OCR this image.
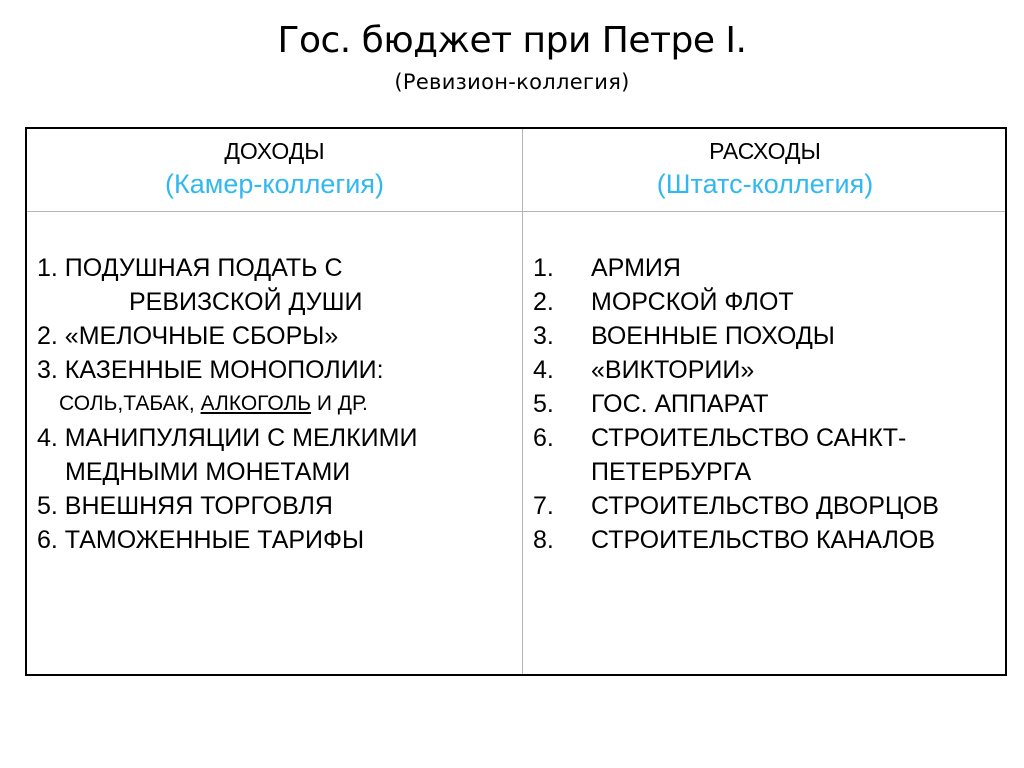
Гос. бюджет при Петре I.
(Ревизион-коллегия)
ДОХОДЫ
(Камер-коллегия)
РАСХОДЫ
(Штатс-коллегия)
1. ПОДУШНАЯ ПОДАТЬ С
РЕВИЗСКОЙ ДУШИ
2. «МЕЛОЧНЫЕ СБОРЫ»
3. КАЗЕННЫЕ МОНОПОЛИИ:
СОЛЬ,ТАБАК, АЛКОГОЛЬ И ДР.
4. МАНИПУЛЯЦИИ С МЕЛКИМИ
МЕДНЫМИ МОНЕТАМИ
5. ВНЕШНЯЯ ТОРГОВЛЯ
6. ТАМОЖЕННЫЕ ТАРИФЫ
1. АРМИЯ
2. МОРСКОЙ ФЛОТ
3. ВОЕННЫЕ ПОХОДЫ
4. «ВИКТОРИИ»
5. ГОС. АППАРАТ
6. СТРОИТЕЛЬСТВО САНКТ-
ПЕТЕРБУРГА
7. СТРОИТЕЛЬСТВО ДВОРЦОВ
8. СТРОИТЕЛЬСТВО КАНАЛОВ
